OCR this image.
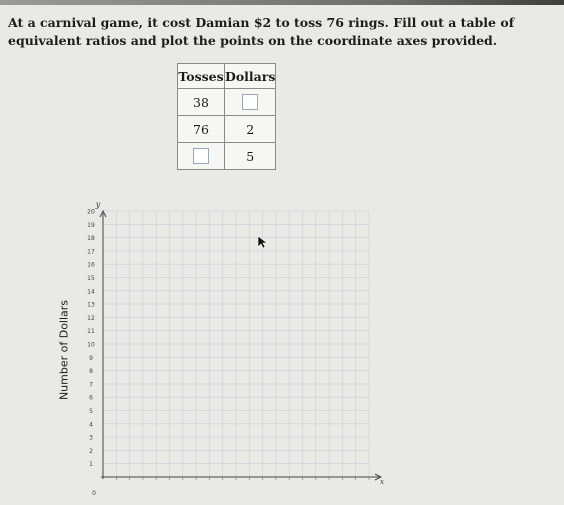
At a carnival game, it cost Damian $2 to toss 76 rings. Fill out a table of equivalent ratios and plot the points on the coordinate axes provided.
Tosses	Dollars
38	
76	2
	5
y
x
0
1
2
3
4
5
6
7
8
9
10
11
12
13
14
15
16
17
18
19
20
Number of Dollars
